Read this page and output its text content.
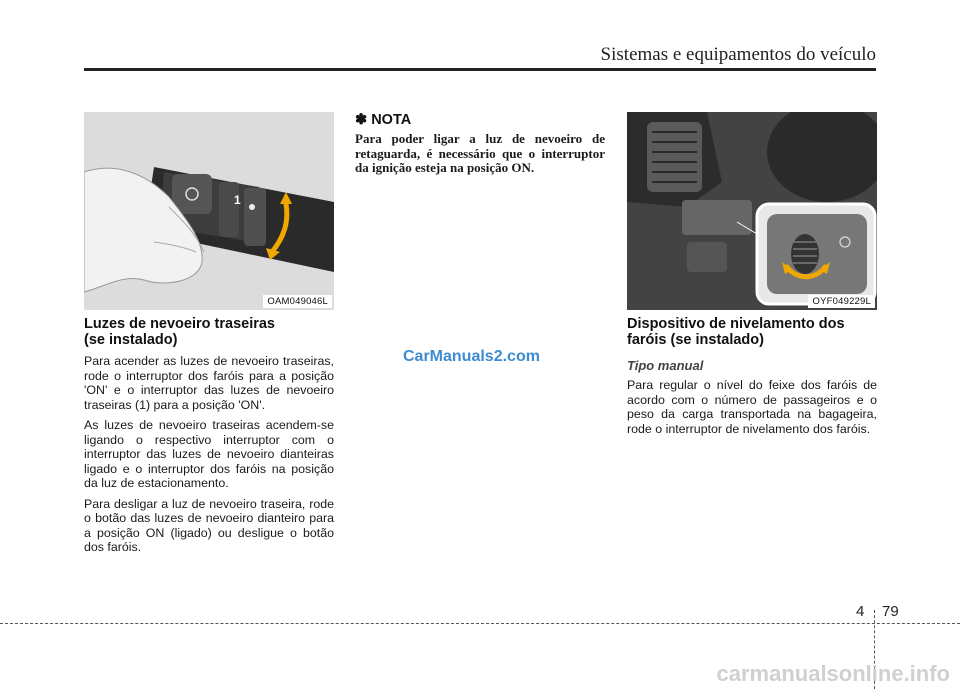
Sistemas e equipamentos do veículo
1
OAM049046L
Luzes de nevoeiro traseiras
(se instalado)

Para acender as luzes de nevoeiro traseiras, rode o interruptor dos faróis para a posição 'ON' e o interruptor das luzes de nevoeiro traseiras (1) para a posição 'ON'.

As luzes de nevoeiro traseiras acendem-se ligando o respectivo interruptor com o interruptor das luzes de nevoeiro dianteiras ligado e o interruptor dos faróis na posição da luz de estacionamento.

Para desligar a luz de nevoeiro traseira, rode o botão das luzes de nevoeiro dianteiro para a posição ON (ligado) ou desligue o botão dos faróis.

✽ NOTA

Para poder ligar a luz de nevoeiro de retaguarda, é necessário que o interruptor da ignição esteja na posição ON.

OYF049229L
Dispositivo de nivelamento dos
faróis (se instalado)
Tipo manual

Para regular o nível do feixe dos faróis de acordo com o número de passageiros e o peso da carga transportada na bagageira, rode o interruptor de nivelamento dos faróis.

CarManuals2.com
4 79
carmanualsonline.info
